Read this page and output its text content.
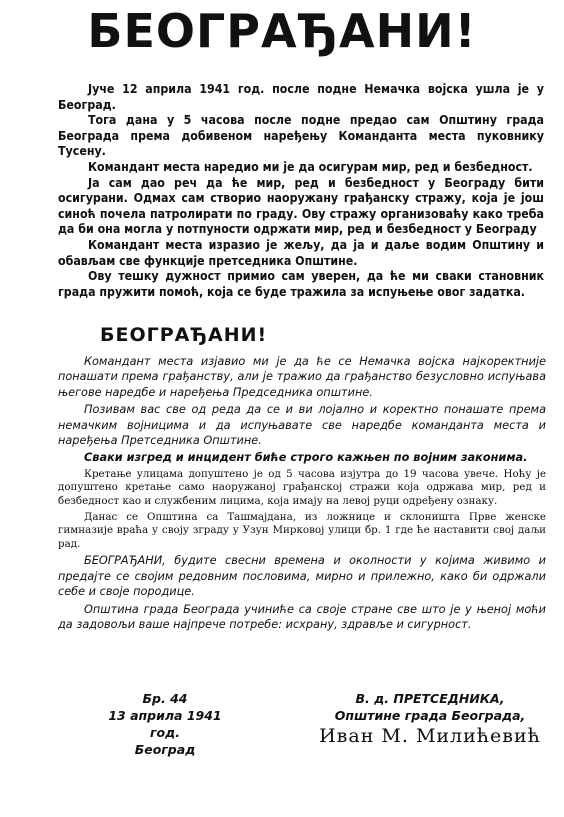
БЕОГРАЂАНИ!

Јуче 12 априла 1941 год. после подне Немачка војска ушла је у Београд.

Тога дана у 5 часова после подне предао сам Општину града Београда према добивеном наређењу Команданта места пуковнику Тусену.

Командант места наредио ми је да осигурам мир, ред и безбедност.

Ја сам дао реч да ће мир, ред и безбедност у Београду бити осигурани. Одмах сам створио наоружану грађанску стражу, која је још синоћ почела патролирати по граду. Ову стражу организоваћу како треба да би она могла у потпуности одржати мир, ред и безбедност у Београду

Командант места изразио је жељу, да ја и даље водим Општину и обављам све функције претседника Општине.

Ову тешку дужност примио сам уверен, да ће ми сваки становник града пружити помоћ, која се буде тражила за испуњење овог задатка.

БЕОГРАЂАНИ!

Командант места изјавио ми је да ће се Немачка војска најкоректније понашати према грађанству, али је тражио да грађанство безусловно испуњава његове наредбе и наређења Председника општине.

Позивам вас све од реда да се и ви лојално и коректно понашате према немачким војницима и да испуњавате све наредбе команданта места и наређења Претседника Општине.

Сваки изгред и инцидент биће строго кажњен по војним законима.

Кретање улицама допуштено је од 5 часова изјутра до 19 часова увече. Ноћу је допуштено кретање само наоружаној грађанској стражи која одржава мир, ред и безбедност као и службеним лицима, која имају на левој руци одређену ознаку.

Данас се Општина са Ташмајдана, из ложнице и склоништа Прве женске гимназије враћа у своју зграду у Узун Мирковој улици бр. 1 где ће наставити свој даљи рад.

БЕОГРАЂАНИ, будите свесни времена и околности у којима живимо и предајте се својим редовним пословима, мирно и прилежно, како би одржали себе и своје породице.

Општина града Београда учиниће са своје стране све што је у њеној моћи да задовољи ваше најпрече потребе: исхрану, здравље и сигурност.

Бр. 44
13 априла 1941 год.
Београд
В. д. ПРЕТСЕДНИКА,
Општине града Београда,
Иван М. Милићевић
